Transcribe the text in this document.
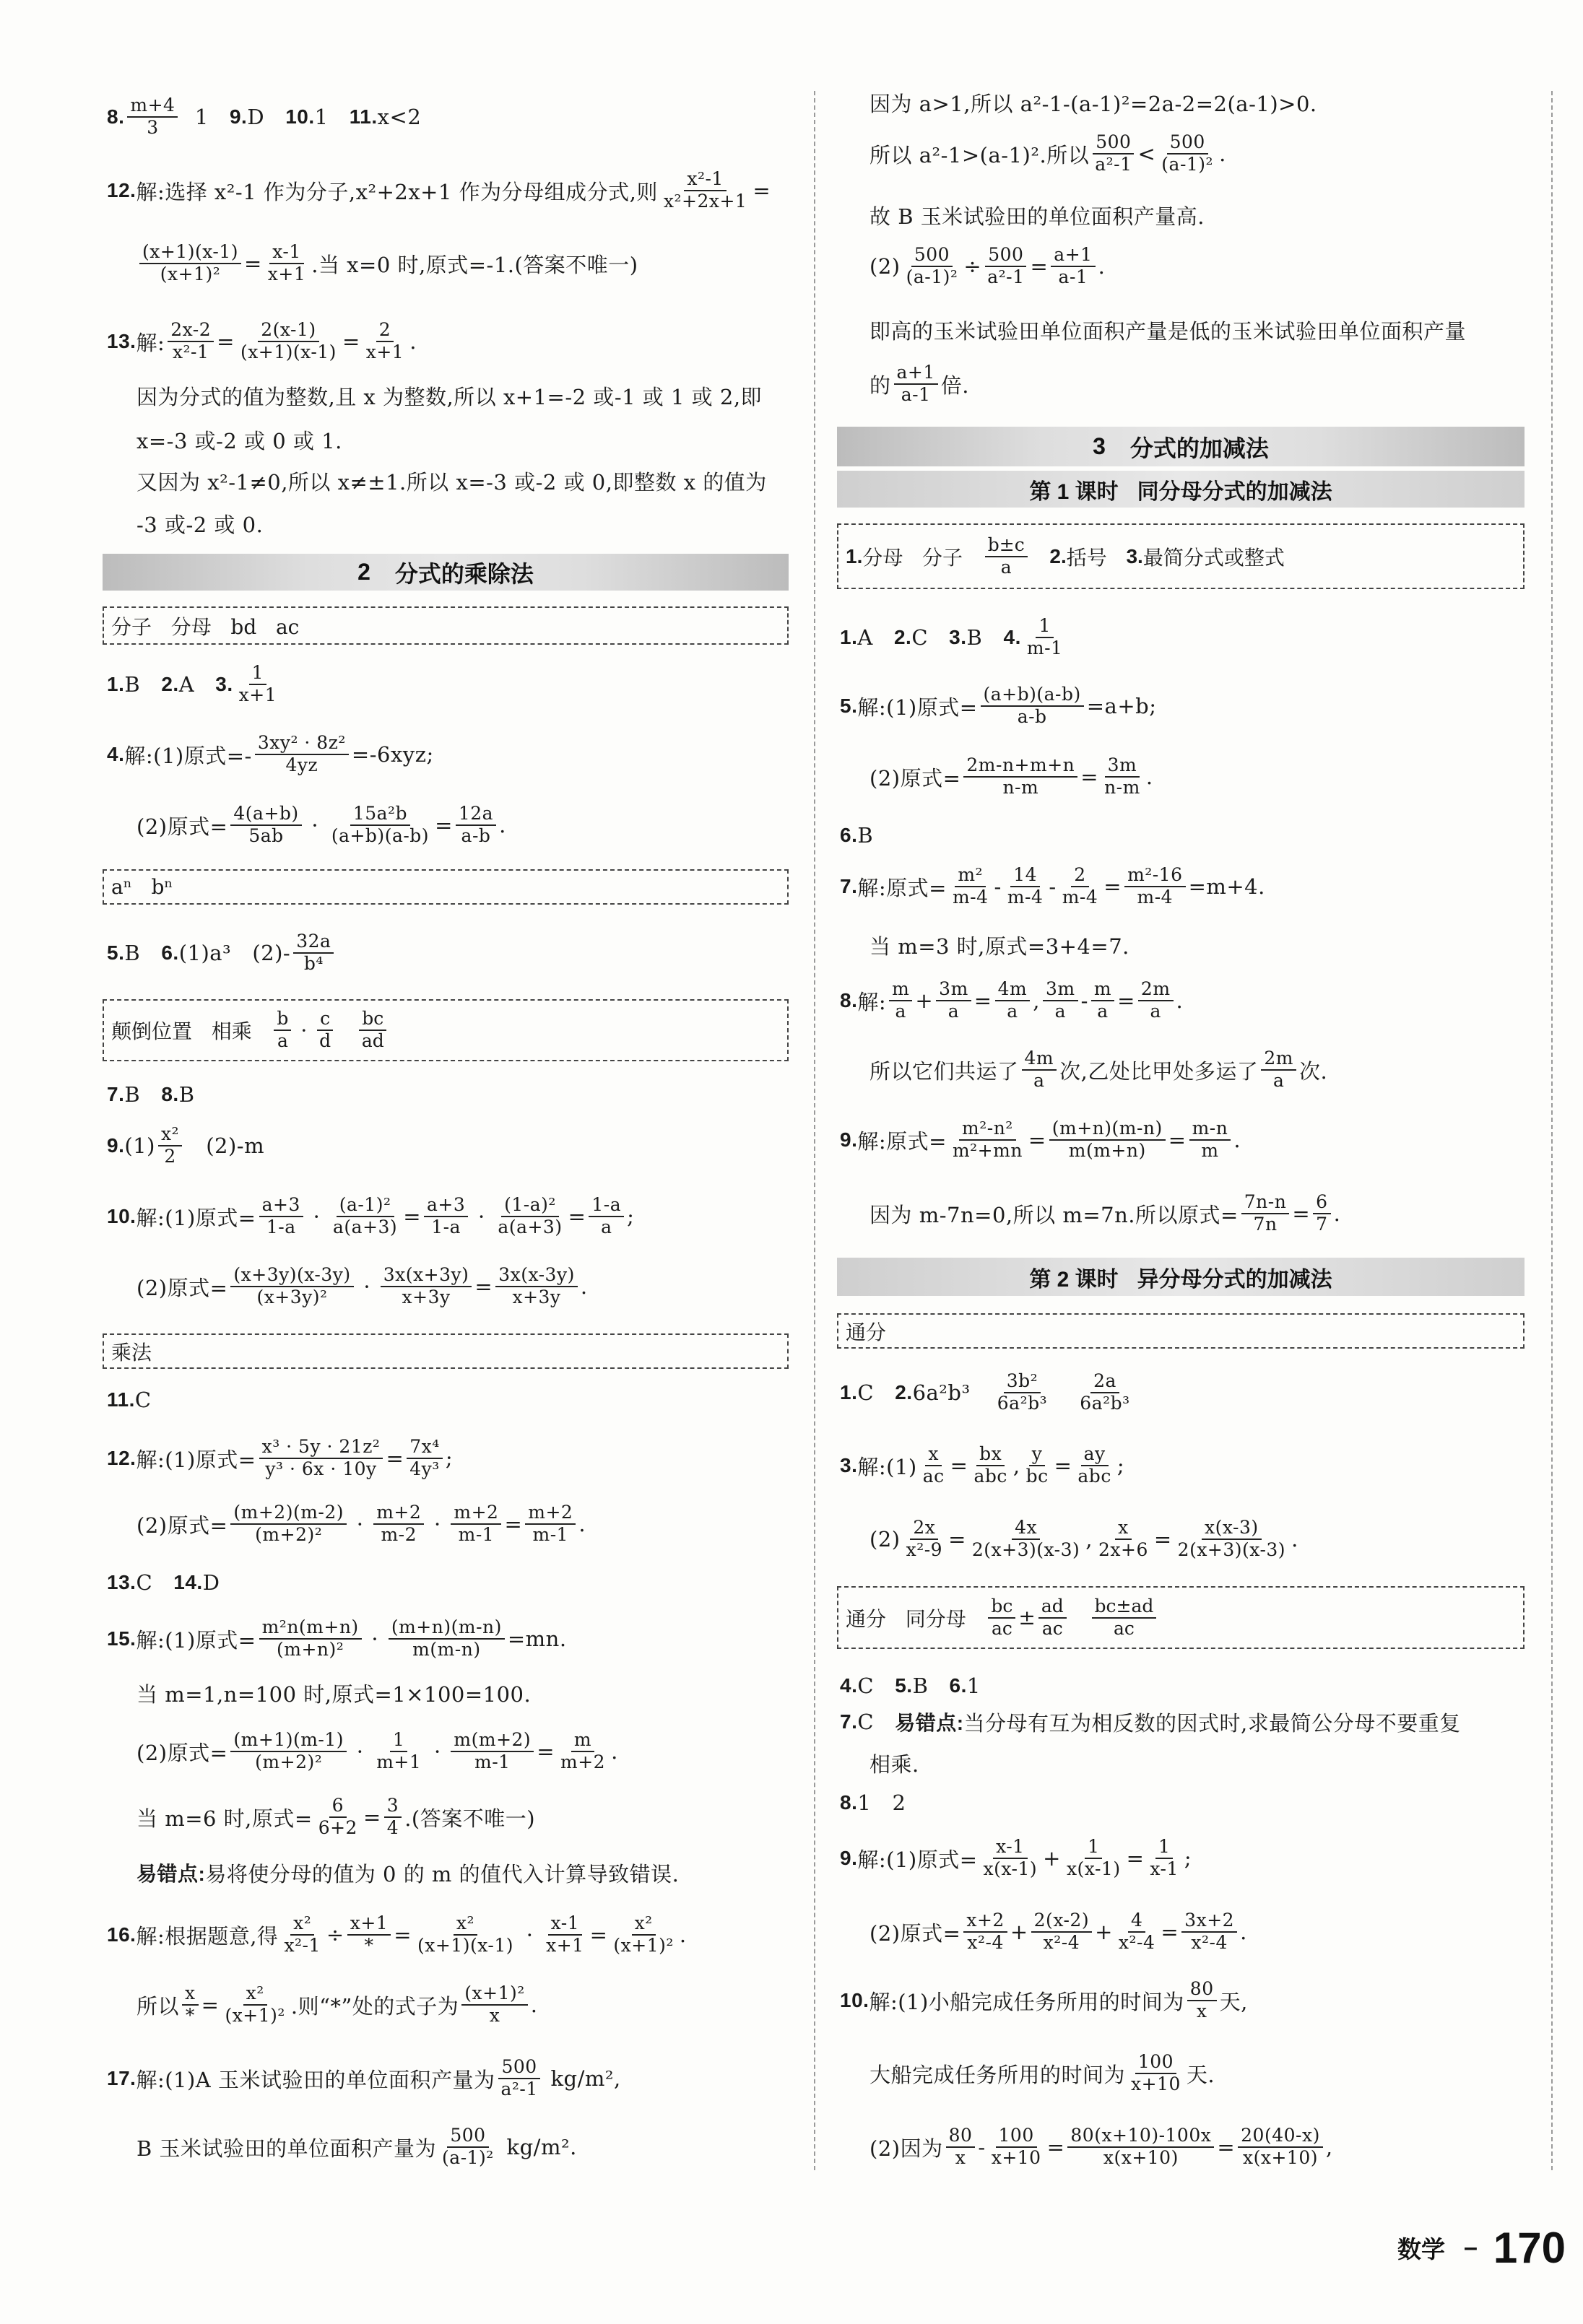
8. $\frac{m+4}{3} 1$ 9. D 10. 1 11. x<2
12. 解:选择 x²-1 作为分子,x²+2x+1 作为分母组成分式,则 $\frac{\text{x²-1}}{\text{x²+2x+1}}$ =
$\frac{(x+1)(x-1)}{\text{(x+1)²}} = \frac{x-1}{x+1}$ .当 x=0 时,原式=-1.(答案不唯一)
13. 解: $\frac{2x-2}{\text{x²-1}} = \frac{2(x-1)}{(x+1)(x-1)} = \frac{2}{x+1}$ .
因为分式的值为整数,且 x 为整数,所以 x+1=-2 或-1 或 1 或 2,即
x=-3 或-2 或 0 或 1.
又因为 x²-1≠0,所以 x≠±1.所以 x=-3 或-2 或 0,即整数 x 的值为
-3 或-2 或 0.
2 分式的乘除法
分子   分母   bd   ac
1. B 2. A 3. $\frac{1}{x+1}$
4. 解:(1)原式=- $\frac{\text{3xy² · 8z²}}{4yz} =-6xyz$;
(2)原式= $\frac{4(a+b)}{5ab} \cdot \frac{\text{15a²b}}{(a+b)(a-b)} = \frac{12a}{a-b}$ .
aⁿ   bⁿ
5. B 6. (1)a³   $(2)- \frac{32a}{\text{b⁴}}$
颠倒位置   相乘 $\frac{b}{a} \cdot \frac{c}{d}$
$\frac{bc}{ad}$
7. B 8. B
9. $(1) \frac{\text{x²}}{2} (2)-m$
10. 解:(1)原式= $\frac{a+3}{1-a} \cdot \frac{\text{(a-1)²}}{a(a+3)} = \frac{a+3}{1-a} \cdot \frac{\text{(1-a)²}}{a(a+3)} = \frac{1-a}{a}$ ;
(2)原式= $\frac{(x+3y)(x-3y)}{\text{(x+3y)²}} \cdot \frac{3x(x+3y)}{x+3y} = \frac{3x(x-3y)}{x+3y}$ .
乘法
11. C
12. 解:(1)原式= $\frac{\text{x³ · 5y · 21z²}}{\text{y³ · 6x · 10y}} = \frac{\text{7x⁴}}{\text{4y³}}$ ;
(2)原式= $\frac{(m+2)(m-2)}{\text{(m+2)²}} \cdot \frac{m+2}{m-2} \cdot \frac{m+2}{m-1} = \frac{m+2}{m-1}$ .
13. C 14. D
15. 解:(1)原式= $\frac{\text{m²n(m+n)}}{\text{(m+n)²}} \cdot \frac{(m+n)(m-n)}{m(m-n)} =mn$.
当 m=1,n=100 时,原式=1×100=100.
(2)原式= $\frac{(m+1)(m-1)}{\text{(m+2)²}} \cdot \frac{1}{m+1} \cdot \frac{m(m+2)}{m-1} = \frac{m}{m+2}$ .
当 m=6 时,原式= $\frac{6}{6+2} = \frac{3}{4}$ .(答案不唯一)
易错点: 易将使分母的值为 0 的 m 的值代入计算导致错误.
16. 解:根据题意,得 $\frac{\text{x²}}{\text{x²-1}} \div \frac{x+1}{*} = \frac{\text{x²}}{(x+1)(x-1)} \cdot \frac{x-1}{x+1} = \frac{\text{x²}}{\text{(x+1)²}}$ .
所以 $\frac{x}{*} = \frac{\text{x²}}{\text{(x+1)²}}$ .则“*”处的式子为 $\frac{\text{(x+1)²}}{x}$ .
17. 解:(1)A 玉米试验田的单位面积产量为 $\frac{500}{\text{a²-1}} kg/m^2$,
B 玉米试验田的单位面积产量为 $\frac{500}{\text{(a-1)²}} kg/m^2$.
因为 a>1,所以 a²-1-(a-1)²=2a-2=2(a-1)>0.
所以 a²-1>(a-1)².所以 $\frac{500}{\text{a²-1}} < \frac{500}{\text{(a-1)²}}$ .
故 B 玉米试验田的单位面积产量高.
$(2) \frac{500}{\text{(a-1)²}} \div \frac{500}{\text{a²-1}} = \frac{a+1}{a-1}$ .
即高的玉米试验田单位面积产量是低的玉米试验田单位面积产量
的 $\frac{a+1}{a-1}$ 倍.
3 分式的加减法
第 1 课时 同分母分式的加减法
1. 分母   分子 $\frac{b\pm c}{a}$
2. 括号 3. 最简分式或整式
1. A 2. C 3. B 4. $\frac{1}{m-1}$
5. 解:(1)原式= $\frac{(a+b)(a-b)}{a-b} =a+b$;
(2)原式= $\frac{2m-n+m+n}{n-m} = \frac{3m}{n-m}$ .
6. B
7. 解:原式= $\frac{\text{m²}}{m-4} - \frac{14}{m-4} - \frac{2}{m-4} = \frac{\text{m²-16}}{m-4} =m+4$.
当 m=3 时,原式=3+4=7.
8. 解: $\frac{m}{a} + \frac{3m}{a} = \frac{4m}{a}$ , $\frac{3m}{a} - \frac{m}{a} = \frac{2m}{a}$ .
所以它们共运了 $\frac{4m}{a}$ 次,乙处比甲处多运了 $\frac{2m}{a}$ 次.
9. 解:原式= $\frac{\text{m²-n²}}{\text{m²+mn}} = \frac{(m+n)(m-n)}{m(m+n)} = \frac{m-n}{m}$ .
因为 m-7n=0,所以 m=7n.所以原式= $\frac{7n-n}{7n} = \frac{6}{7}$ .
第 2 课时 异分母分式的加减法
通分
1. C 2. $6a^2b^3 \frac{\text{3b²}}{\text{6a²b³}}$
$\frac{2a}{\text{6a²b³}}$
3. 解:(1) $\frac{x}{ac} = \frac{bx}{\text{abc}}$ , $\frac{y}{bc} = \frac{ay}{\text{abc}}$ ;
$(2) \frac{2x}{\text{x²-9}} = \frac{4x}{2(x+3)(x-3)}$ , $\frac{x}{2x+6} = \frac{x(x-3)}{2(x+3)(x-3)}$ .
通分   同分母 $\frac{bc}{ac} \pm \frac{ad}{ac}$
$\frac{bc\pm ad}{ac}$
4. C 5. B 6. 1
7. C 易错点: 当分母有互为相反数的因式时,求最简公分母不要重复
相乘.
8. 1   2
9. 解:(1)原式= $\frac{x-1}{x(x-1)} + \frac{1}{x(x-1)} = \frac{1}{x-1}$ ;
(2)原式= $\frac{x+2}{\text{x²-4}} + \frac{2(x-2)}{\text{x²-4}} + \frac{4}{\text{x²-4}} = \frac{3x+2}{\text{x²-4}}$ .
10. 解:(1)小船完成任务所用的时间为 $\frac{80}{x}$ 天,
大船完成任务所用的时间为 $\frac{100}{x+10}$ 天.
(2)因为 $\frac{80}{x} - \frac{100}{x+10} = \frac{80(x+10)-100x}{x(x+10)} = \frac{20(40-x)}{x(x+10)}$ ,
数学 – 170
